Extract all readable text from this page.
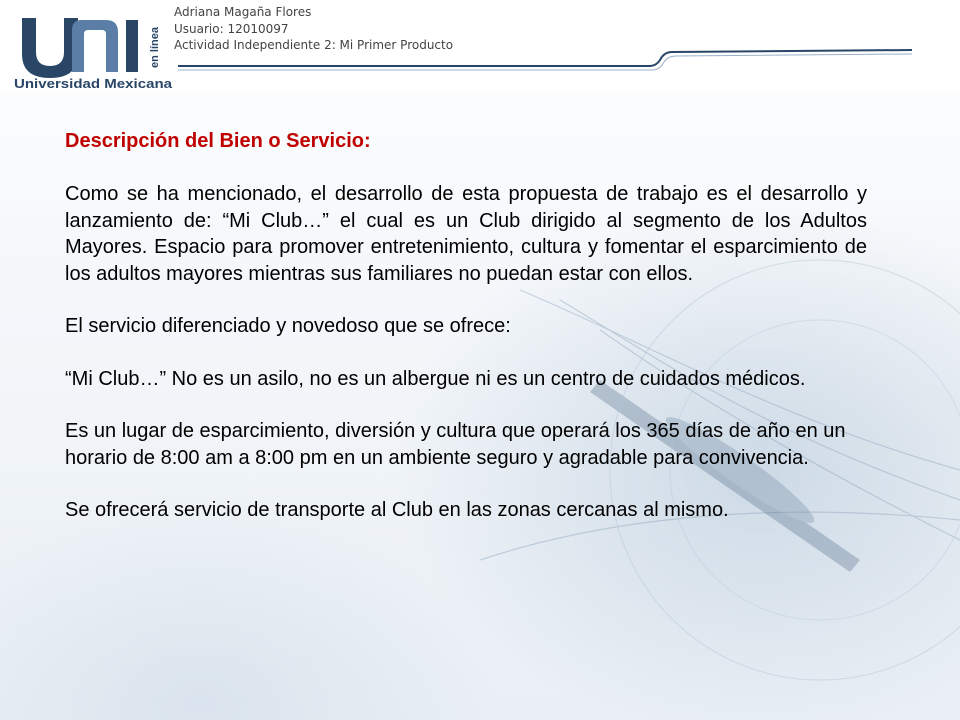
en línea
Universidad Mexicana
Adriana Magaña Flores
Usuario: 12010097
Actividad Independiente 2: Mi Primer Producto
Descripción del Bien o Servicio:

Como se ha mencionado, el desarrollo de esta propuesta de trabajo es el desarrollo y lanzamiento de: “Mi Club…” el cual es un Club dirigido al segmento de los Adultos Mayores. Espacio para promover entretenimiento, cultura y fomentar el esparcimiento de los adultos mayores mientras sus familiares no puedan estar con ellos.

El servicio diferenciado y novedoso que se ofrece:

“Mi Club…” No es un asilo, no es un albergue ni es un centro de cuidados médicos.

Es un lugar de esparcimiento, diversión y cultura que operará los 365 días de año en un horario de 8:00 am a 8:00 pm en un ambiente seguro y agradable para convivencia.

Se ofrecerá servicio de transporte al Club en las zonas cercanas al mismo.
